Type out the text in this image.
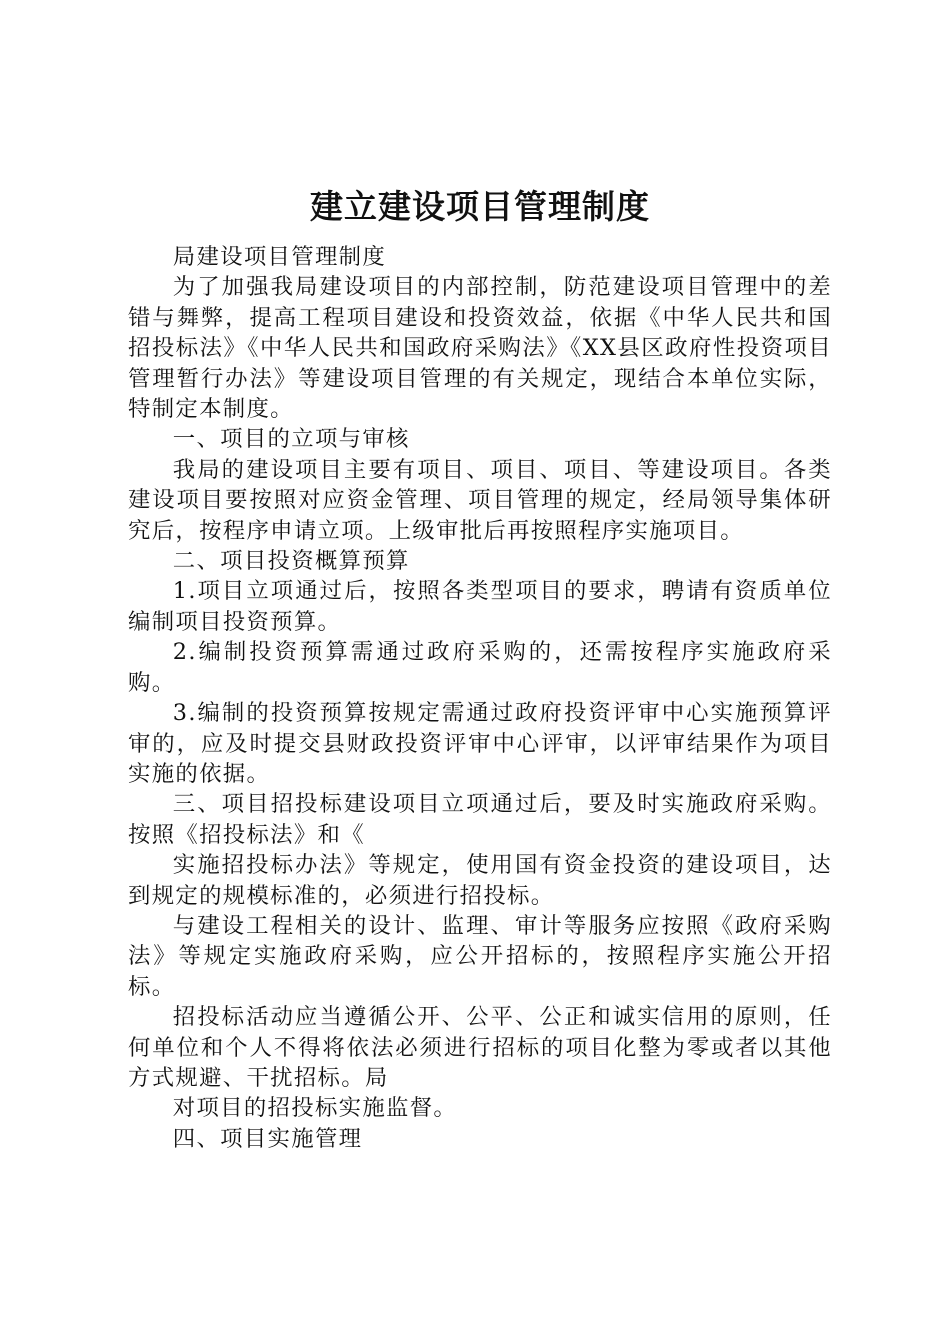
建立建设项目管理制度

局建设项目管理制度

为了加强我局建设项目的内部控制，防范建设项目管理中的差错与舞弊，提高工程项目建设和投资效益，依据《中华人民共和国招投标法》《中华人民共和国政府采购法》《XX县区政府性投资项目管理暂行办法》等建设项目管理的有关规定，现结合本单位实际，特制定本制度。

一、项目的立项与审核

我局的建设项目主要有项目、项目、项目、等建设项目。各类建设项目要按照对应资金管理、项目管理的规定，经局领导集体研究后，按程序申请立项。上级审批后再按照程序实施项目。

二、项目投资概算预算

1.项目立项通过后，按照各类型项目的要求，聘请有资质单位编制项目投资预算。

2.编制投资预算需通过政府采购的，还需按程序实施政府采购。

3.编制的投资预算按规定需通过政府投资评审中心实施预算评审的，应及时提交县财政投资评审中心评审，以评审结果作为项目实施的依据。

三、项目招投标建设项目立项通过后，要及时实施政府采购。按照《招投标法》和《

实施招投标办法》等规定，使用国有资金投资的建设项目，达到规定的规模标准的，必须进行招投标。

与建设工程相关的设计、监理、审计等服务应按照《政府采购法》等规定实施政府采购，应公开招标的，按照程序实施公开招标。

招投标活动应当遵循公开、公平、公正和诚实信用的原则，任何单位和个人不得将依法必须进行招标的项目化整为零或者以其他方式规避、干扰招标。局

对项目的招投标实施监督。

四、项目实施管理
